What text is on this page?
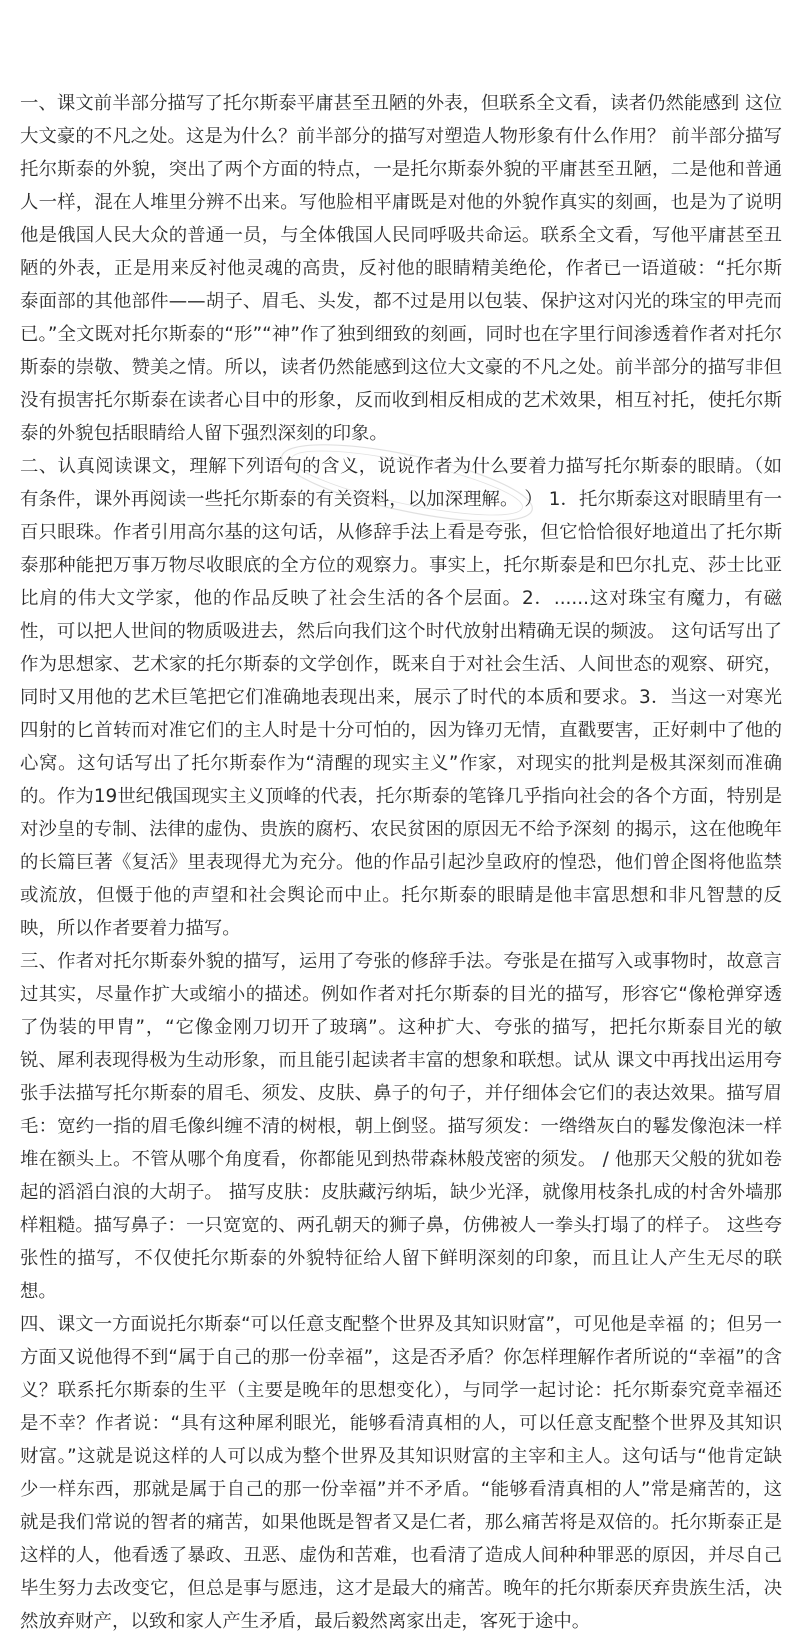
一、课文前半部分描写了托尔斯泰平庸甚至丑陋的外表，但联系全文看，读者仍然能感到 这位大文豪的不凡之处。这是为什么？前半部分的描写对塑造人物形象有什么作用？ 前半部分描写托尔斯泰的外貌，突出了两个方面的特点，一是托尔斯泰外貌的平庸甚至丑陋，二是他和普通人一样，混在人堆里分辨不出来。写他脸相平庸既是对他的外貌作真实的刻画，也是为了说明他是俄国人民大众的普通一员，与全体俄国人民同呼吸共命运。联系全文看，写他平庸甚至丑陋的外表，正是用来反衬他灵魂的高贵，反衬他的眼睛精美绝伦，作者已一语道破：“托尔斯泰面部的其他部件——胡子、眉毛、头发，都不过是用以包装、保护这对闪光的珠宝的甲壳而已。”全文既对托尔斯泰的“形”“神”作了独到细致的刻画，同时也在字里行间渗透着作者对托尔斯泰的崇敬、赞美之情。所以，读者仍然能感到这位大文豪的不凡之处。前半部分的描写非但没有损害托尔斯泰在读者心目中的形象，反而收到相反相成的艺术效果，相互衬托，使托尔斯泰的外貌包括眼睛给人留下强烈深刻的印象。

二、认真阅读课文，理解下列语句的含义，说说作者为什么要着力描写托尔斯泰的眼睛。（如有条件，课外再阅读一些托尔斯泰的有关资料，以加深理解。 ） 1．托尔斯泰这对眼睛里有一百只眼珠。作者引用高尔基的这句话，从修辞手法上看是夸张，但它恰恰很好地道出了托尔斯泰那种能把万事万物尽收眼底的全方位的观察力。事实上，托尔斯泰是和巴尔扎克、莎士比亚比肩的伟大文学家，他的作品反映了社会生活的各个层面。2．......这对珠宝有魔力，有磁性，可以把人世间的物质吸进去，然后向我们这个时代放射出精确无误的频波。 这句话写出了作为思想家、艺术家的托尔斯泰的文学创作，既来自于对社会生活、人间世态的观察、研究，同时又用他的艺术巨笔把它们准确地表现出来，展示了时代的本质和要求。3．当这一对寒光四射的匕首转而对准它们的主人时是十分可怕的，因为锋刃无情，直戳要害，正好刺中了他的心窝。这句话写出了托尔斯泰作为“清醒的现实主义”作家，对现实的批判是极其深刻而准确的。作为19世纪俄国现实主义顶峰的代表，托尔斯泰的笔锋几乎指向社会的各个方面，特别是对沙皇的专制、法律的虚伪、贵族的腐朽、农民贫困的原因无不给予深刻 的揭示，这在他晚年的长篇巨著《复活》里表现得尤为充分。他的作品引起沙皇政府的惶恐，他们曾企图将他监禁或流放，但慑于他的声望和社会舆论而中止。托尔斯泰的眼睛是他丰富思想和非凡智慧的反映，所以作者要着力描写。

三、作者对托尔斯泰外貌的描写，运用了夸张的修辞手法。夸张是在描写入或事物时，故意言过其实，尽量作扩大或缩小的描述。例如作者对托尔斯泰的目光的描写，形容它“像枪弹穿透了伪装的甲胄”，“它像金刚刀切开了玻璃”。这种扩大、夸张的描写，把托尔斯泰目光的敏锐、犀利表现得极为生动形象，而且能引起读者丰富的想象和联想。试从 课文中再找出运用夸张手法描写托尔斯泰的眉毛、须发、皮肤、鼻子的句子，并仔细体会它们的表达效果。描写眉毛：宽约一指的眉毛像纠缠不清的树根，朝上倒竖。描写须发：一绺绺灰白的鬈发像泡沫一样堆在额头上。不管从哪个角度看，你都能见到热带森林般茂密的须发。 / 他那天父般的犹如卷起的滔滔白浪的大胡子。 描写皮肤：皮肤藏污纳垢，缺少光泽，就像用枝条扎成的村舍外墙那样粗糙。描写鼻子：一只宽宽的、两孔朝天的狮子鼻，仿佛被人一拳头打塌了的样子。 这些夸张性的描写，不仅使托尔斯泰的外貌特征给人留下鲜明深刻的印象，而且让人产生无尽的联想。

四、课文一方面说托尔斯泰“可以任意支配整个世界及其知识财富”，可见他是幸福 的；但另一方面又说他得不到“属于自己的那一份幸福”，这是否矛盾？你怎样理解作者所说的“幸福”的含义？联系托尔斯泰的生平（主要是晚年的思想变化），与同学一起讨论：托尔斯泰究竟幸福还是不幸？作者说：“具有这种犀利眼光，能够看清真相的人，可以任意支配整个世界及其知识财富。”这就是说这样的人可以成为整个世界及其知识财富的主宰和主人。这句话与“他肯定缺少一样东西，那就是属于自己的那一份幸福”并不矛盾。“能够看清真相的人”常是痛苦的，这就是我们常说的智者的痛苦，如果他既是智者又是仁者，那么痛苦将是双倍的。托尔斯泰正是这样的人，他看透了暴政、丑恶、虚伪和苦难，也看清了造成人间种种罪恶的原因，并尽自己毕生努力去改变它，但总是事与愿违，这才是最大的痛苦。晚年的托尔斯泰厌弃贵族生活，决然放弃财产，以致和家人产生矛盾，最后毅然离家出走，客死于途中。
